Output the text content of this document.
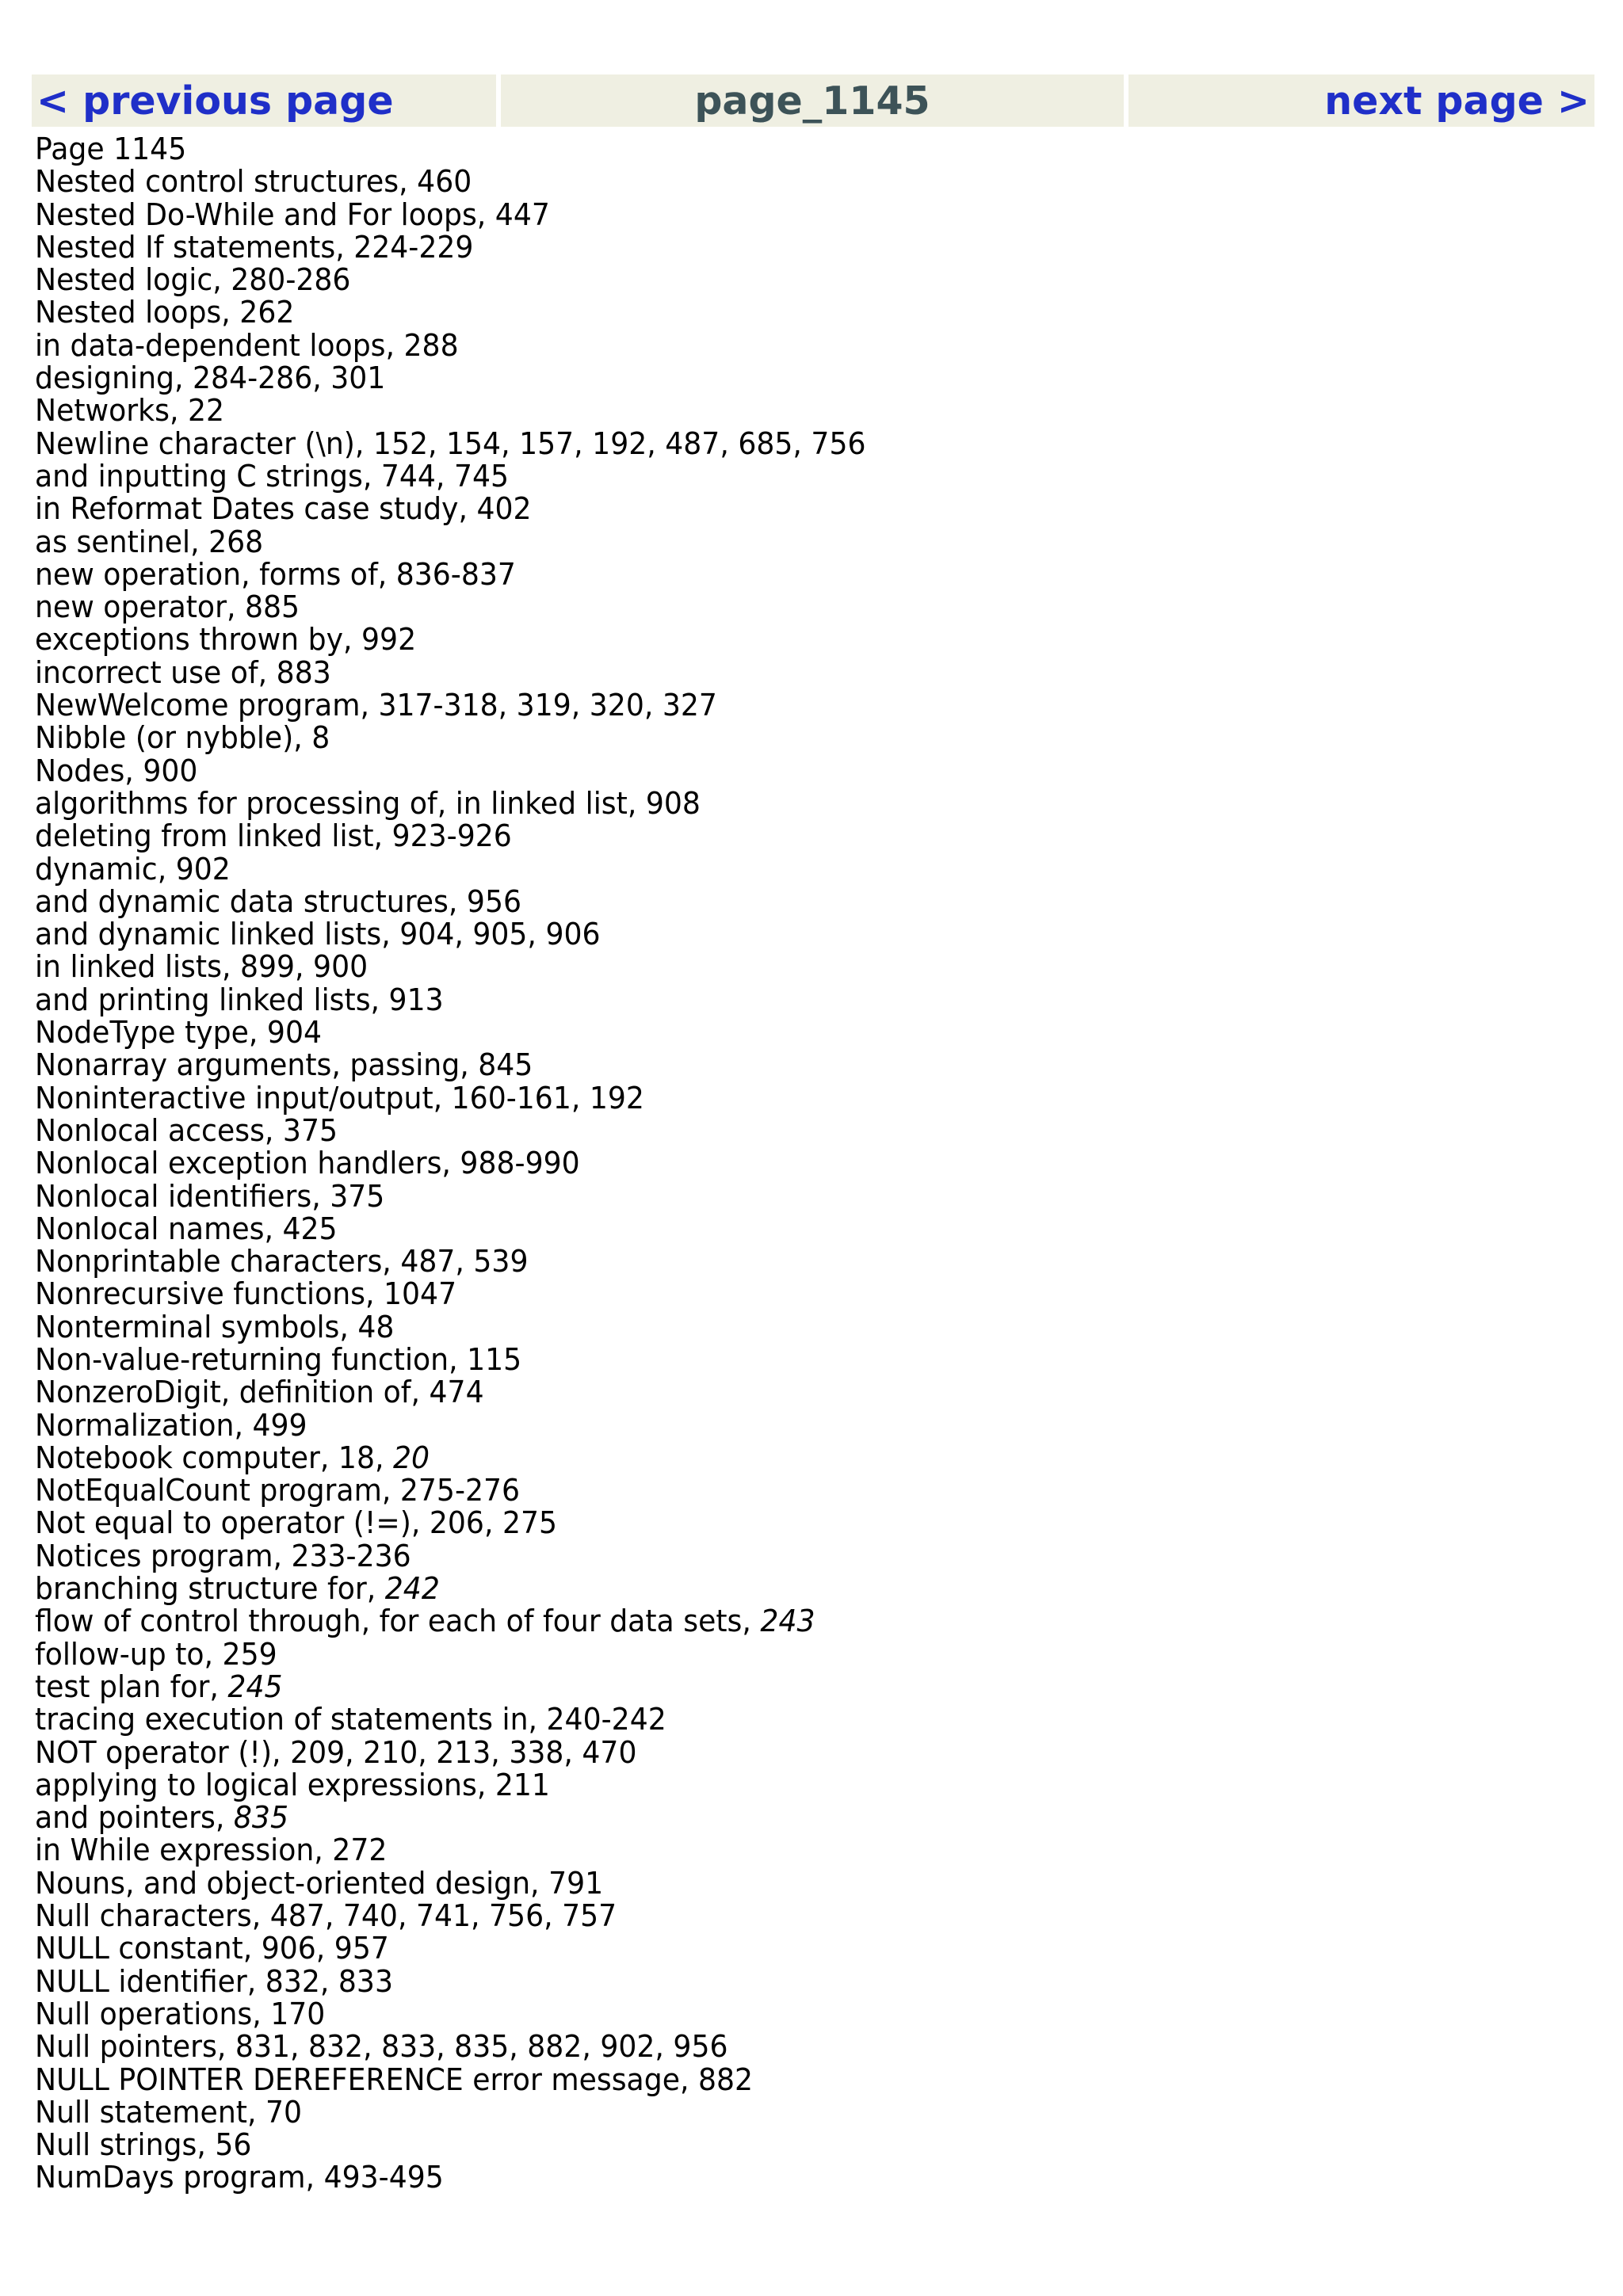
< previous page	page_1145	next page >
Page 1145
Nested control structures, 460
Nested Do-While and For loops, 447
Nested If statements, 224-229
Nested logic, 280-286
Nested loops, 262
in data-dependent loops, 288
designing, 284-286, 301
Networks, 22
Newline character (\n), 152, 154, 157, 192, 487, 685, 756
and inputting C strings, 744, 745
in Reformat Dates case study, 402
as sentinel, 268
new operation, forms of, 836-837
new operator, 885
exceptions thrown by, 992
incorrect use of, 883
NewWelcome program, 317-318, 319, 320, 327
Nibble (or nybble), 8
Nodes, 900
algorithms for processing of, in linked list, 908
deleting from linked list, 923-926
dynamic, 902
and dynamic data structures, 956
and dynamic linked lists, 904, 905, 906
in linked lists, 899, 900
and printing linked lists, 913
NodeType type, 904
Nonarray arguments, passing, 845
Noninteractive input/output, 160-161, 192
Nonlocal access, 375
Nonlocal exception handlers, 988-990
Nonlocal identifiers, 375
Nonlocal names, 425
Nonprintable characters, 487, 539
Nonrecursive functions, 1047
Nonterminal symbols, 48
Non-value-returning function, 115
NonzeroDigit, definition of, 474
Normalization, 499
Notebook computer, 18, 20
NotEqualCount program, 275-276
Not equal to operator (!=), 206, 275
Notices program, 233-236
branching structure for, 242
flow of control through, for each of four data sets, 243
follow-up to, 259
test plan for, 245
tracing execution of statements in, 240-242
NOT operator (!), 209, 210, 213, 338, 470
applying to logical expressions, 211
and pointers, 835
in While expression, 272
Nouns, and object-oriented design, 791
Null characters, 487, 740, 741, 756, 757
NULL constant, 906, 957
NULL identifier, 832, 833
Null operations, 170
Null pointers, 831, 832, 833, 835, 882, 902, 956
NULL POINTER DEREFERENCE error message, 882
Null statement, 70
Null strings, 56
NumDays program, 493-495
